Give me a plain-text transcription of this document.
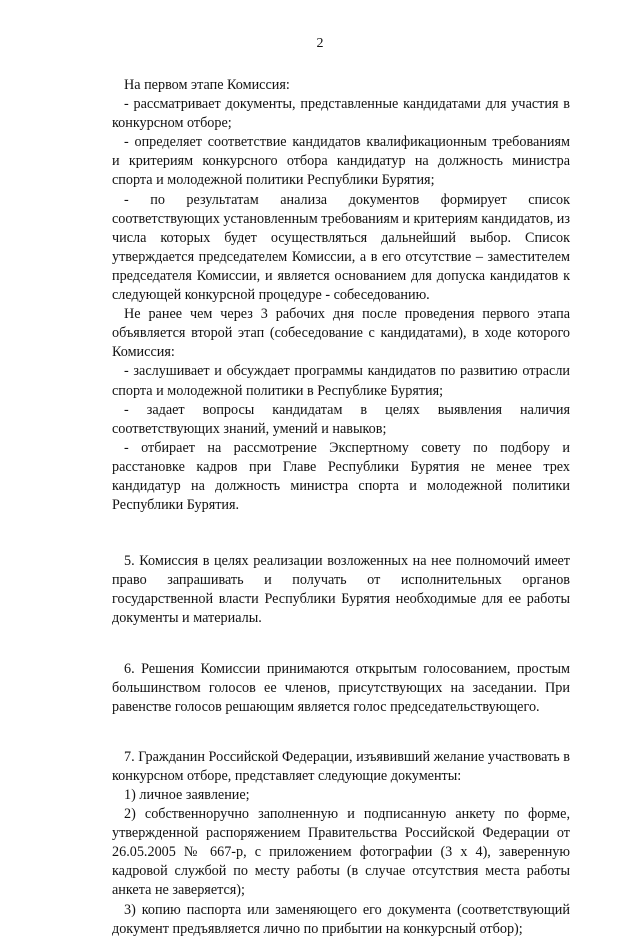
2

На первом этапе Комиссия:

- рассматривает документы, представленные кандидатами для участия в конкурсном отборе;

- определяет соответствие кандидатов квалификационным требованиям и критериям конкурсного отбора кандидатур на должность министра спорта и молодежной политики Республики Бурятия;

- по результатам анализа документов формирует список соответствующих установленным требованиям и критериям кандидатов, из числа которых будет осуществляться дальнейший выбор. Список утверждается председателем Комиссии, а в его отсутствие – заместителем председателя Комиссии, и является основанием для допуска кандидатов к следующей конкурсной процедуре - собеседованию.

Не ранее чем через 3 рабочих дня после проведения первого этапа объявляется второй этап (собеседование с кандидатами), в ходе которого Комиссия:

- заслушивает и обсуждает программы кандидатов по развитию отрасли спорта и молодежной политики в Республике Бурятия;

- задает вопросы кандидатам в целях выявления наличия соответствующих знаний, умений и навыков;

- отбирает на рассмотрение Экспертному совету по подбору и расстановке кадров при Главе Республики Бурятия не менее трех кандидатур на должность министра спорта и молодежной политики Республики Бурятия.

5. Комиссия в целях реализации возложенных на нее полномочий имеет право запрашивать и получать от исполнительных органов государственной власти Республики Бурятия необходимые для ее работы документы и материалы.

6. Решения Комиссии принимаются открытым голосованием, простым большинством голосов ее членов, присутствующих на заседании. При равенстве голосов решающим является голос председательствующего.

7. Гражданин Российской Федерации, изъявивший желание участвовать в конкурсном отборе, представляет следующие документы:

1) личное заявление;

2) собственноручно заполненную и подписанную анкету по форме, утвержденной распоряжением Правительства Российской Федерации от 26.05.2005 № 667-р, с приложением фотографии (3 х 4), заверенную кадровой службой по месту работы (в случае отсутствия места работы анкета не заверяется);

3) копию паспорта или заменяющего его документа (соответствующий документ предъявляется лично по прибытии на конкурсный отбор);
